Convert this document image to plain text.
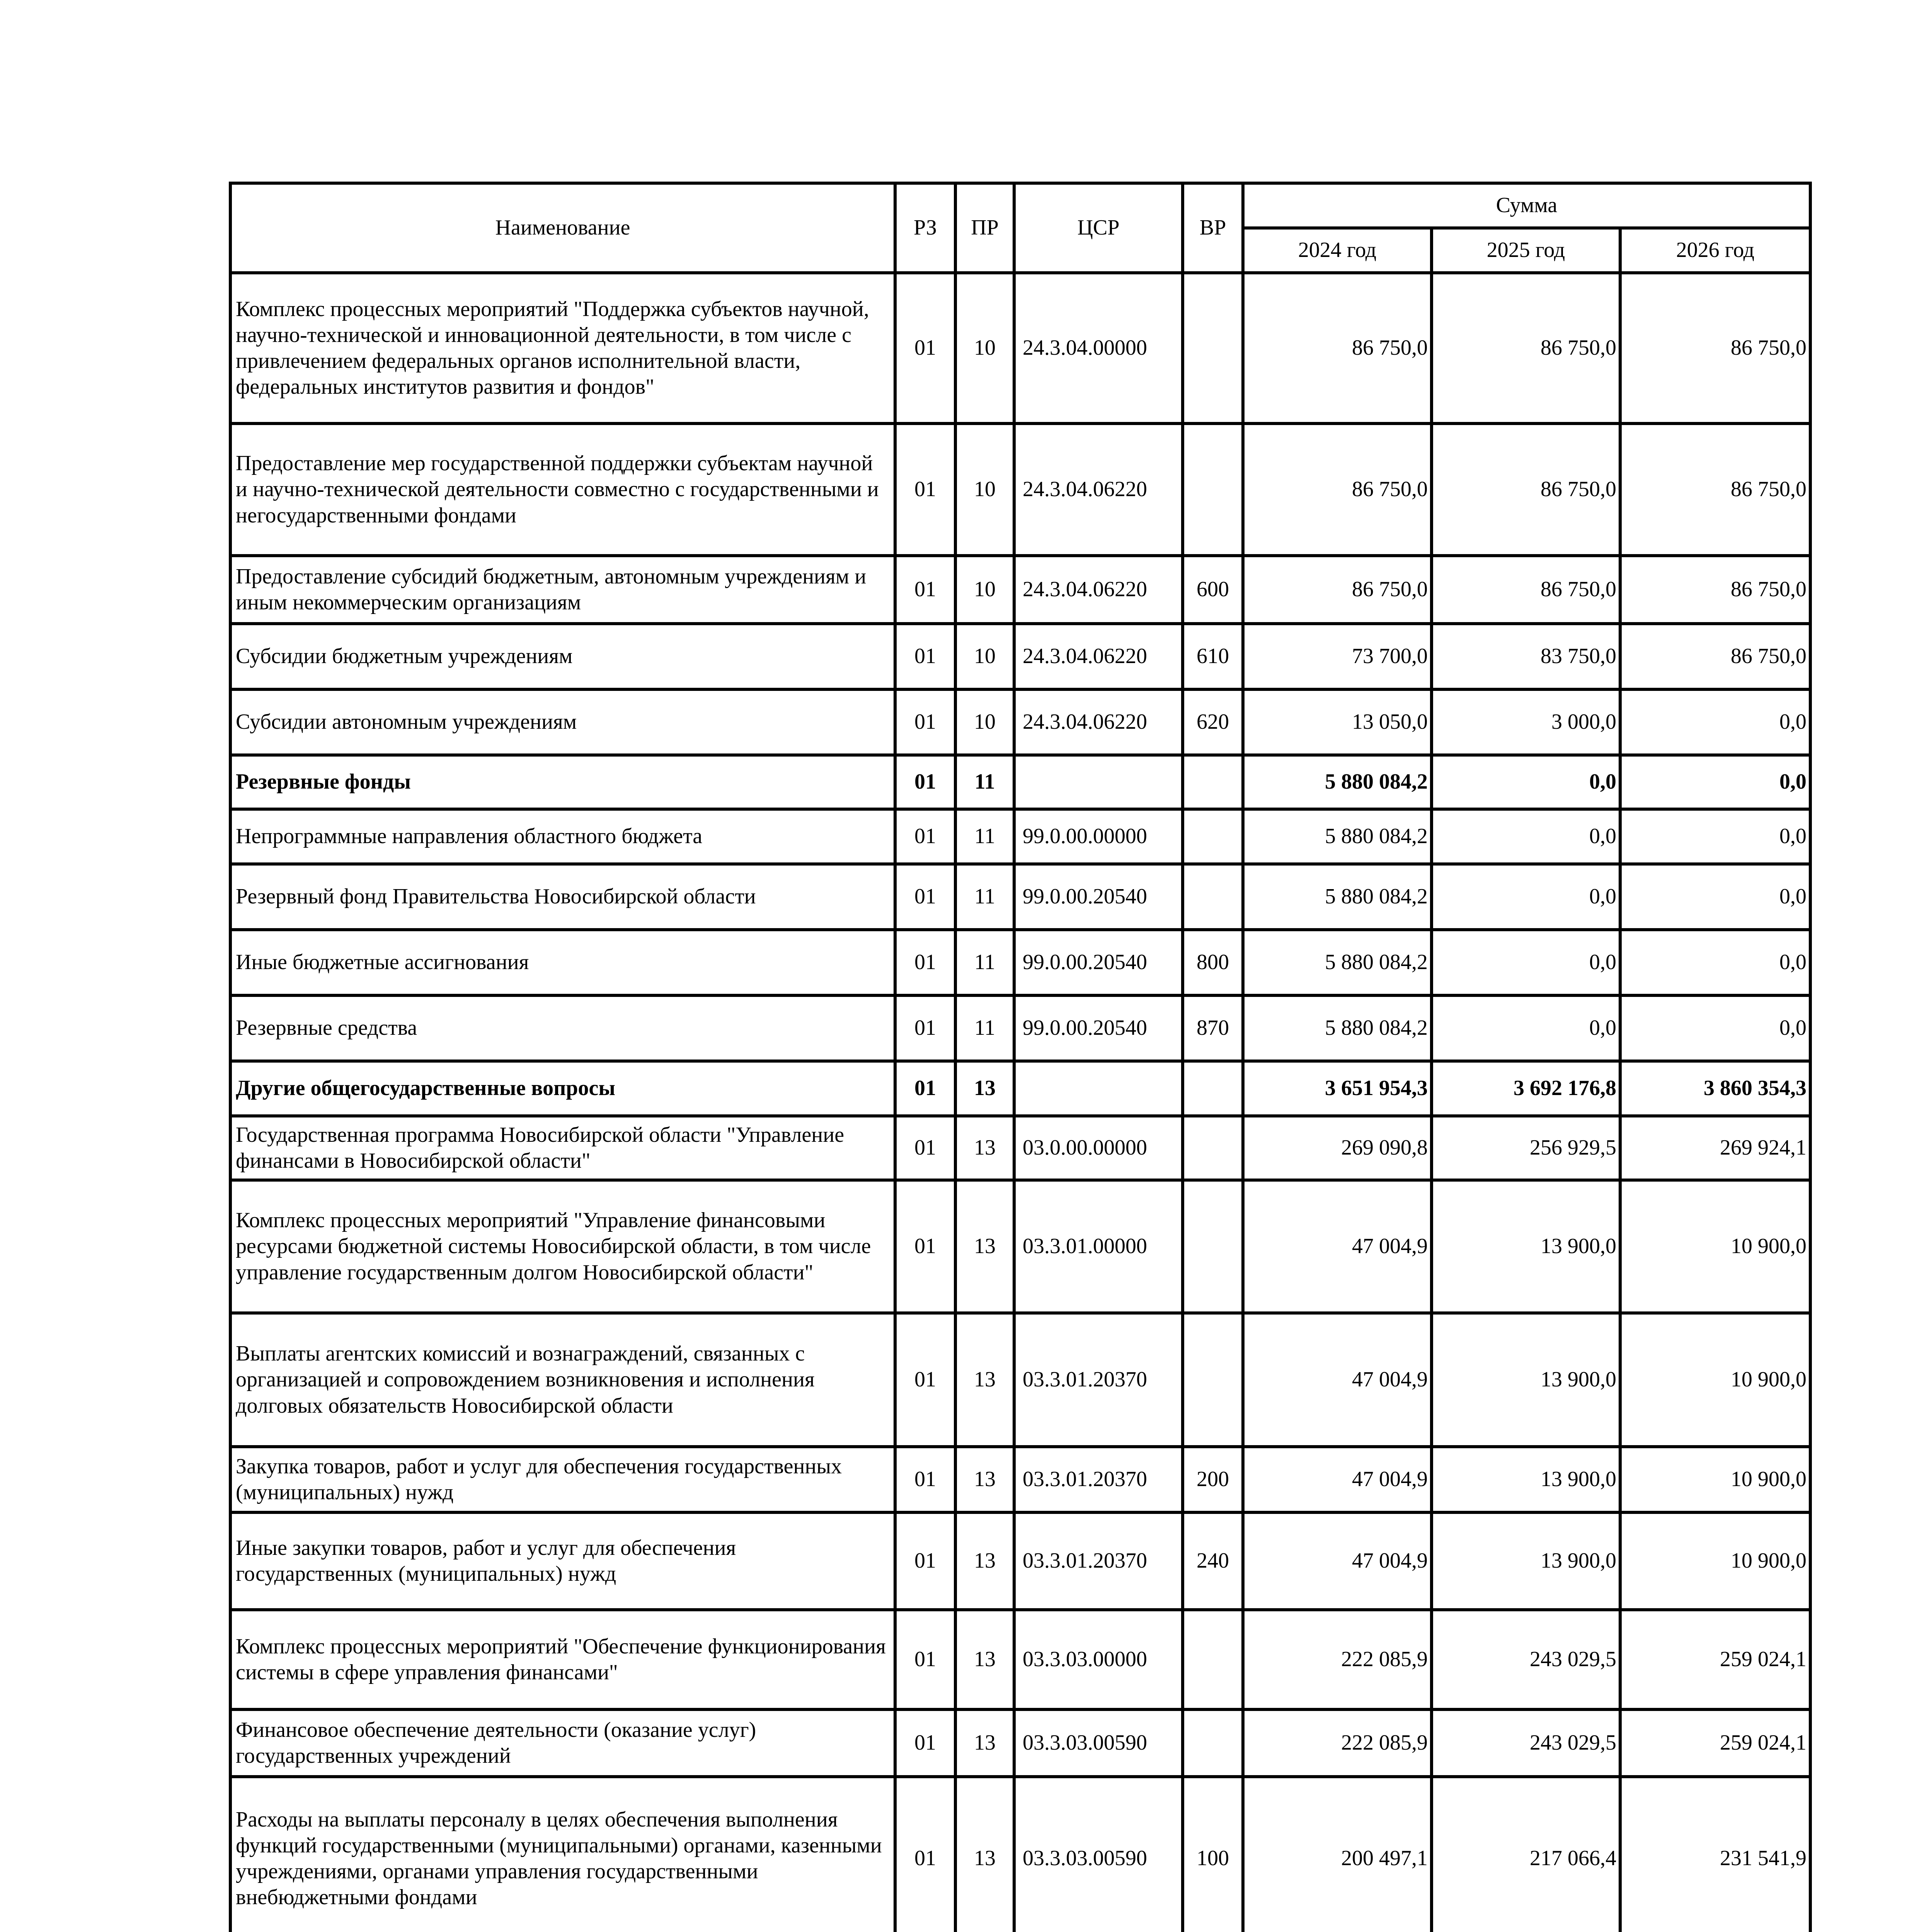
Наименование	РЗ	ПР	ЦСР	ВР	Сумма		
					2024 год	2025 год	2026 год
Комплекс процессных мероприятий "Поддержка субъектов научной, научно-технической и инновационной деятельности, в том числе с привлечением федеральных органов исполнительной власти, федеральных институтов развития и фондов"	01	10	24.3.04.00000		86 750,0	86 750,0	86 750,0
Предоставление мер государственной поддержки субъектам научной и научно-технической деятельности совместно с государственными и негосударственными фондами	01	10	24.3.04.06220		86 750,0	86 750,0	86 750,0
Предоставление субсидий бюджетным, автономным учреждениям и иным некоммерческим организациям	01	10	24.3.04.06220	600	86 750,0	86 750,0	86 750,0
Субсидии бюджетным учреждениям	01	10	24.3.04.06220	610	73 700,0	83 750,0	86 750,0
Субсидии автономным учреждениям	01	10	24.3.04.06220	620	13 050,0	3 000,0	0,0
Резервные фонды	01	11			5 880 084,2	0,0	0,0
Непрограммные направления областного бюджета	01	11	99.0.00.00000		5 880 084,2	0,0	0,0
Резервный фонд Правительства Новосибирской области	01	11	99.0.00.20540		5 880 084,2	0,0	0,0
Иные бюджетные ассигнования	01	11	99.0.00.20540	800	5 880 084,2	0,0	0,0
Резервные средства	01	11	99.0.00.20540	870	5 880 084,2	0,0	0,0
Другие общегосударственные вопросы	01	13			3 651 954,3	3 692 176,8	3 860 354,3
Государственная программа Новосибирской области "Управление финансами в Новосибирской области"	01	13	03.0.00.00000		269 090,8	256 929,5	269 924,1
Комплекс процессных мероприятий "Управление финансовыми ресурсами бюджетной системы Новосибирской области, в том числе управление государственным долгом Новосибирской области"	01	13	03.3.01.00000		47 004,9	13 900,0	10 900,0
Выплаты агентских комиссий и вознаграждений, связанных с организацией и сопровождением возникновения и исполнения долговых обязательств Новосибирской области	01	13	03.3.01.20370		47 004,9	13 900,0	10 900,0
Закупка товаров, работ и услуг для обеспечения государственных (муниципальных) нужд	01	13	03.3.01.20370	200	47 004,9	13 900,0	10 900,0
Иные закупки товаров, работ и услуг для обеспечения государственных (муниципальных) нужд	01	13	03.3.01.20370	240	47 004,9	13 900,0	10 900,0
Комплекс процессных мероприятий "Обеспечение функционирования системы в сфере управления финансами"	01	13	03.3.03.00000		222 085,9	243 029,5	259 024,1
Финансовое обеспечение деятельности (оказание услуг) государственных учреждений	01	13	03.3.03.00590		222 085,9	243 029,5	259 024,1
Расходы на выплаты персоналу в целях обеспечения выполнения функций государственными (муниципальными) органами, казенными учреждениями, органами управления государственными внебюджетными фондами	01	13	03.3.03.00590	100	200 497,1	217 066,4	231 541,9
